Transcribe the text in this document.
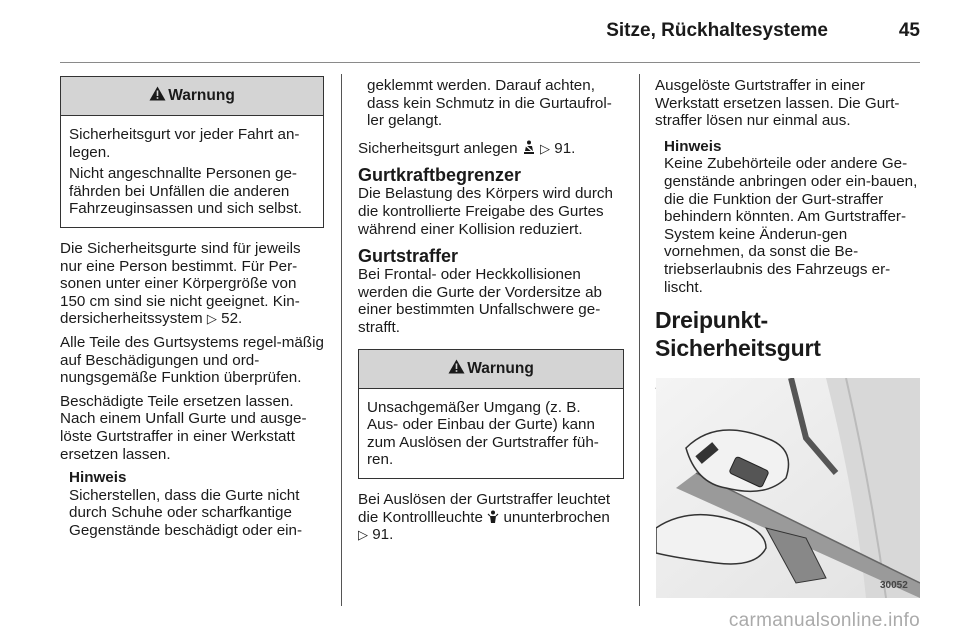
Sitze, Rückhaltesysteme	45
Warnung

Sicherheitsgurt vor jeder Fahrt an-legen.

Nicht angeschnallte Personen ge-fährden bei Unfällen die anderen Fahrzeuginsassen und sich selbst.

Die Sicherheitsgurte sind für jeweils nur eine Person bestimmt. Für Per-sonen unter einer Körpergröße von 150 cm sind sie nicht geeignet. Kin-dersicherheitssystem ▷ 52.

Alle Teile des Gurtsystems regel-mäßig auf Beschädigungen und ord-nungsgemäße Funktion überprüfen.

Beschädigte Teile ersetzen lassen. Nach einem Unfall Gurte und ausge-löste Gurtstraffer in einer Werkstatt ersetzen lassen.

Hinweis
Sicherstellen, dass die Gurte nicht durch Schuhe oder scharfkantige Gegenstände beschädigt oder ein-

geklemmt werden. Darauf achten, dass kein Schmutz in die Gurtaufrol-ler gelangt.

Sicherheitsgurt anlegen ▷ 91.

Gurtkraftbegrenzer

Die Belastung des Körpers wird durch die kontrollierte Freigabe des Gurtes während einer Kollision reduziert.

Gurtstraffer

Bei Frontal- oder Heckkollisionen werden die Gurte der Vordersitze ab einer bestimmten Unfallschwere ge-strafft.

Warnung

Unsachgemäßer Umgang (z. B. Aus- oder Einbau der Gurte) kann zum Auslösen der Gurtstraffer füh-ren.

Bei Auslösen der Gurtstraffer leuchtet die Kontrollleuchte ununterbrochen
▷ 91.

Ausgelöste Gurtstraffer in einer Werkstatt ersetzen lassen. Die Gurt-straffer lösen nur einmal aus.

Hinweis
Keine Zubehörteile oder andere Ge-genstände anbringen oder ein-bauen, die die Funktion der Gurt-straffer behindern könnten. Am Gurtstraffer-System keine Änderun-gen vornehmen, da sonst die Be-triebserlaubnis des Fahrzeugs er-lischt.
Dreipunkt-Sicherheitsgurt
30052
carmanualsonline.info
